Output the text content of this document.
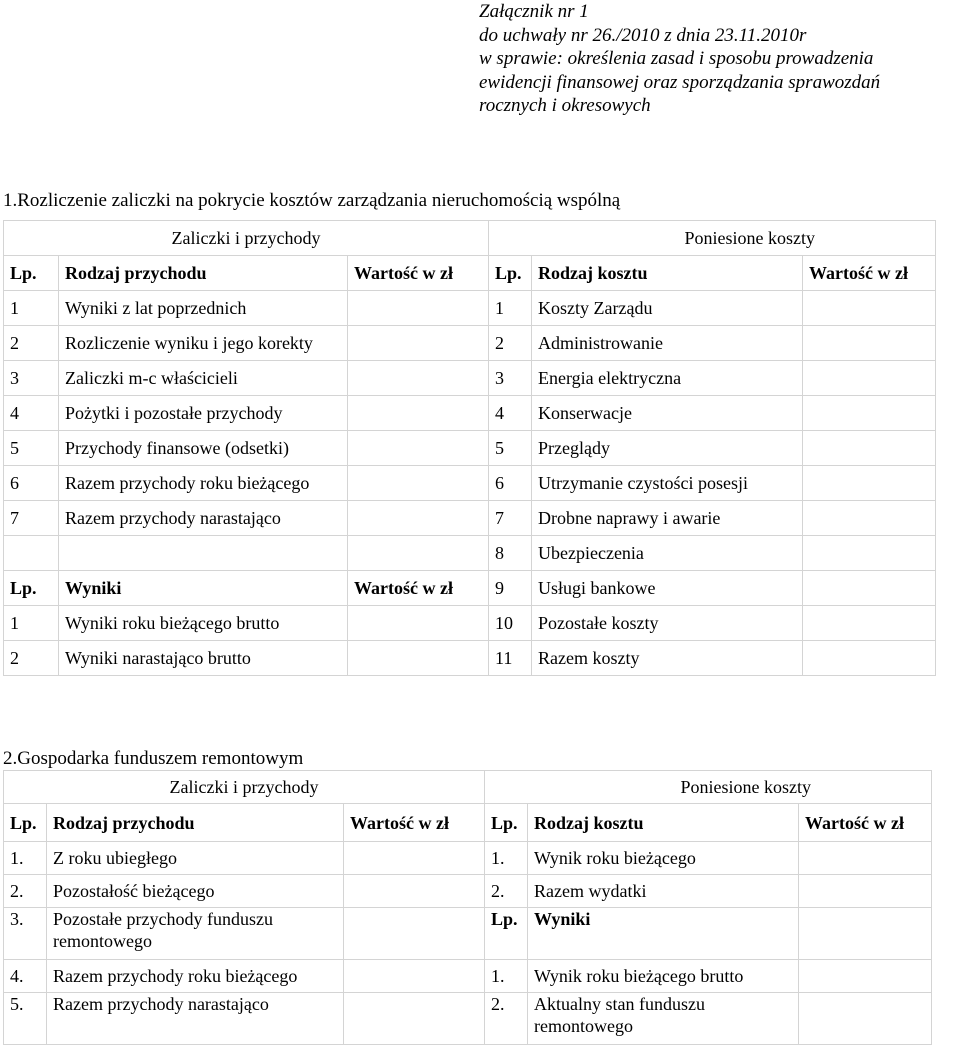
Załącznik nr 1
do uchwały nr 26./2010 z dnia 23.11.2010r
w sprawie: określenia zasad i sposobu prowadzenia
ewidencji finansowej oraz sporządzania sprawozdań
rocznych i okresowych
1.Rozliczenie zaliczki na pokrycie kosztów zarządzania nieruchomością wspólną
Zaliczki i przychody			Poniesione koszty		
Lp.	Rodzaj przychodu	Wartość w zł	Lp.	Rodzaj kosztu	Wartość w zł
1	Wyniki z lat poprzednich		1	Koszty Zarządu	
2	Rozliczenie wyniku i jego korekty		2	Administrowanie	
3	Zaliczki m-c właścicieli		3	Energia elektryczna	
4	Pożytki i pozostałe przychody		4	Konserwacje	
5	Przychody finansowe (odsetki)		5	Przeglądy	
6	Razem przychody roku bieżącego		6	Utrzymanie czystości posesji	
7	Razem przychody narastająco		7	Drobne naprawy i awarie	
			8	Ubezpieczenia	
Lp.	Wyniki	Wartość w zł	9	Usługi bankowe	
1	Wyniki roku bieżącego brutto		10	Pozostałe koszty	
2	Wyniki narastająco brutto		11	Razem koszty	
2.Gospodarka funduszem remontowym
Zaliczki i przychody			Poniesione koszty		
Lp.	Rodzaj przychodu	Wartość w zł	Lp.	Rodzaj kosztu	Wartość w zł
1.	Z roku ubiegłego		1.	Wynik roku bieżącego	
2.	Pozostałość bieżącego		2.	Razem wydatki	
3.	Pozostałe przychody funduszu remontowego		Lp.	Wyniki	
4.	Razem przychody roku bieżącego		1.	Wynik roku bieżącego brutto	
5.	Razem przychody narastająco		2.	Aktualny stan funduszu remontowego	
